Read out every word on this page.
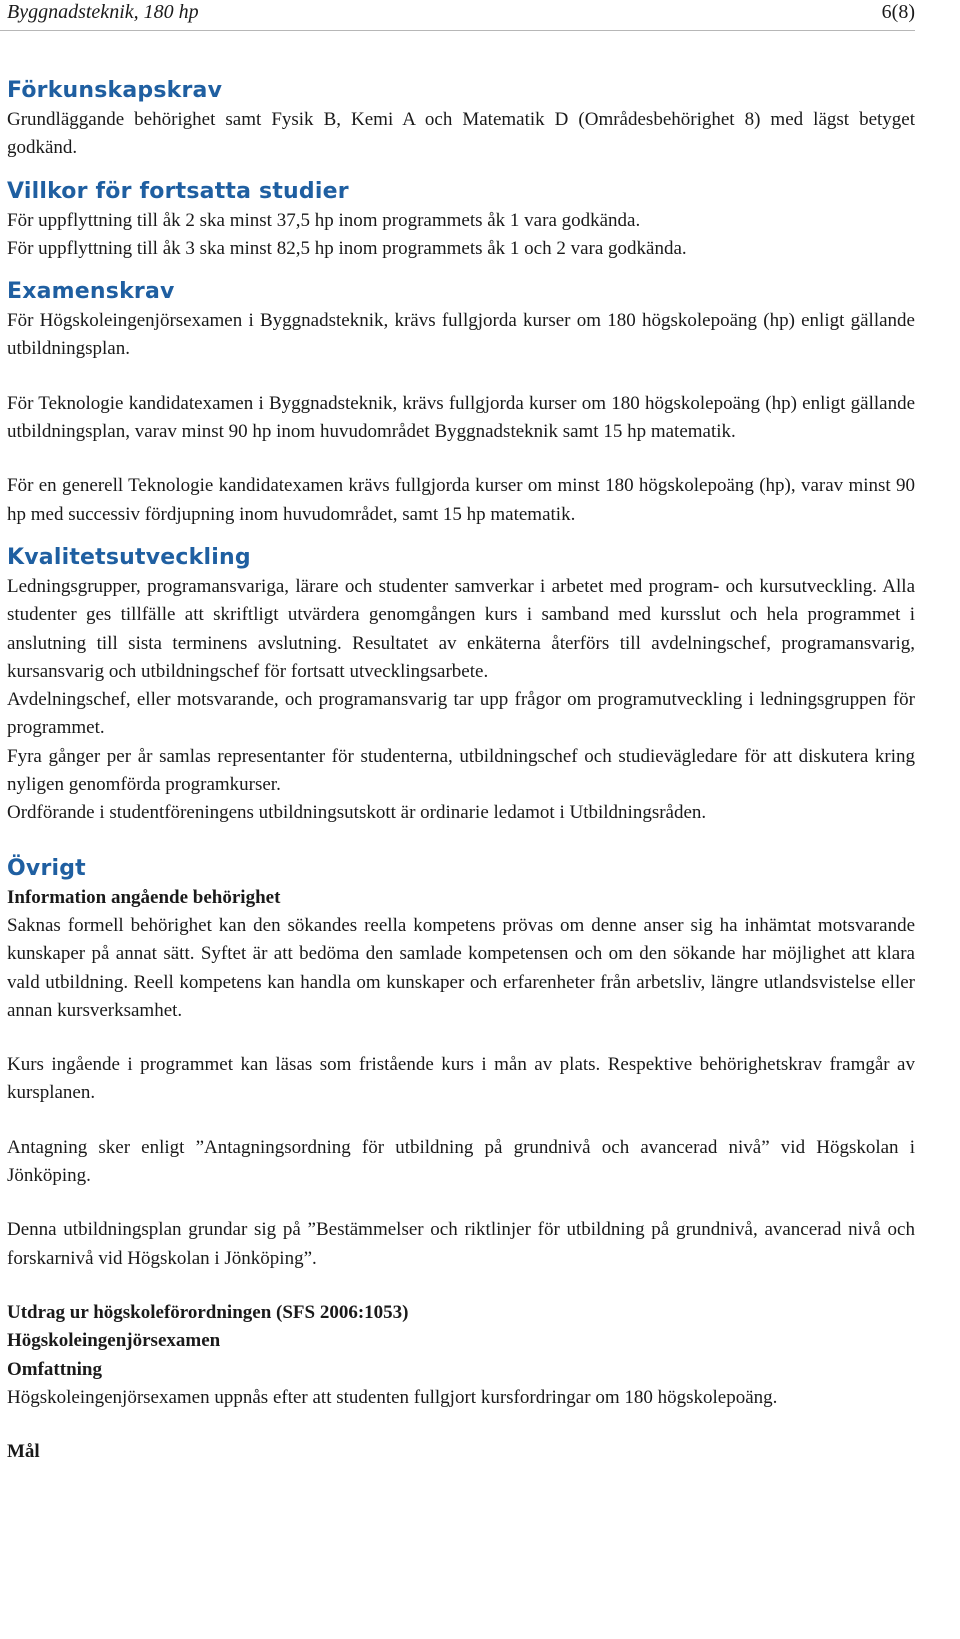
Byggnadsteknik, 180 hp	6(8)
Förkunskapskrav

Grundläggande behörighet samt Fysik B, Kemi A och Matematik D (Områdesbehörighet 8) med lägst betyget godkänd.

Villkor för fortsatta studier

För uppflyttning till åk 2 ska minst 37,5 hp inom programmets åk 1 vara godkända.

För uppflyttning till åk 3 ska minst 82,5 hp inom programmets åk 1 och 2 vara godkända.

Examenskrav

För Högskoleingenjörsexamen i Byggnadsteknik, krävs fullgjorda kurser om 180 högskolepoäng (hp) enligt gällande utbildningsplan.

För Teknologie kandidatexamen i Byggnadsteknik, krävs fullgjorda kurser om 180 högskolepoäng (hp) enligt gällande utbildningsplan, varav minst 90 hp inom huvudområdet Byggnadsteknik samt 15 hp matematik.

För en generell Teknologie kandidatexamen krävs fullgjorda kurser om minst 180 högskolepoäng (hp), varav minst 90 hp med successiv fördjupning inom huvudområdet, samt 15 hp matematik.

Kvalitetsutveckling

Ledningsgrupper, programansvariga, lärare och studenter samverkar i arbetet med program- och kursutveckling. Alla studenter ges tillfälle att skriftligt utvärdera genomgången kurs i samband med kursslut och hela programmet i anslutning till sista terminens avslutning. Resultatet av enkäterna återförs till avdelningschef, programansvarig, kursansvarig och utbildningschef för fortsatt utvecklingsarbete.

Avdelningschef, eller motsvarande, och programansvarig tar upp frågor om programutveckling i ledningsgruppen för programmet.

Fyra gånger per år samlas representanter för studenterna, utbildningschef och studievägledare för att diskutera kring nyligen genomförda programkurser.

Ordförande i studentföreningens utbildningsutskott är ordinarie ledamot i Utbildningsråden.

Övrigt

Information angående behörighet

Saknas formell behörighet kan den sökandes reella kompetens prövas om denne anser sig ha inhämtat motsvarande kunskaper på annat sätt. Syftet är att bedöma den samlade kompetensen och om den sökande har möjlighet att klara vald utbildning. Reell kompetens kan handla om kunskaper och erfarenheter från arbetsliv, längre utlandsvistelse eller annan kursverksamhet.

Kurs ingående i programmet kan läsas som fristående kurs i mån av plats. Respektive behörighetskrav framgår av kursplanen.

Antagning sker enligt ”Antagningsordning för utbildning på grundnivå och avancerad nivå” vid Högskolan i Jönköping.

Denna utbildningsplan grundar sig på ”Bestämmelser och riktlinjer för utbildning på grundnivå, avancerad nivå och forskarnivå vid Högskolan i Jönköping”.

Utdrag ur högskoleförordningen (SFS 2006:1053)

Högskoleingenjörsexamen

Omfattning

Högskoleingenjörsexamen uppnås efter att studenten fullgjort kursfordringar om 180 högskolepoäng.

Mål
